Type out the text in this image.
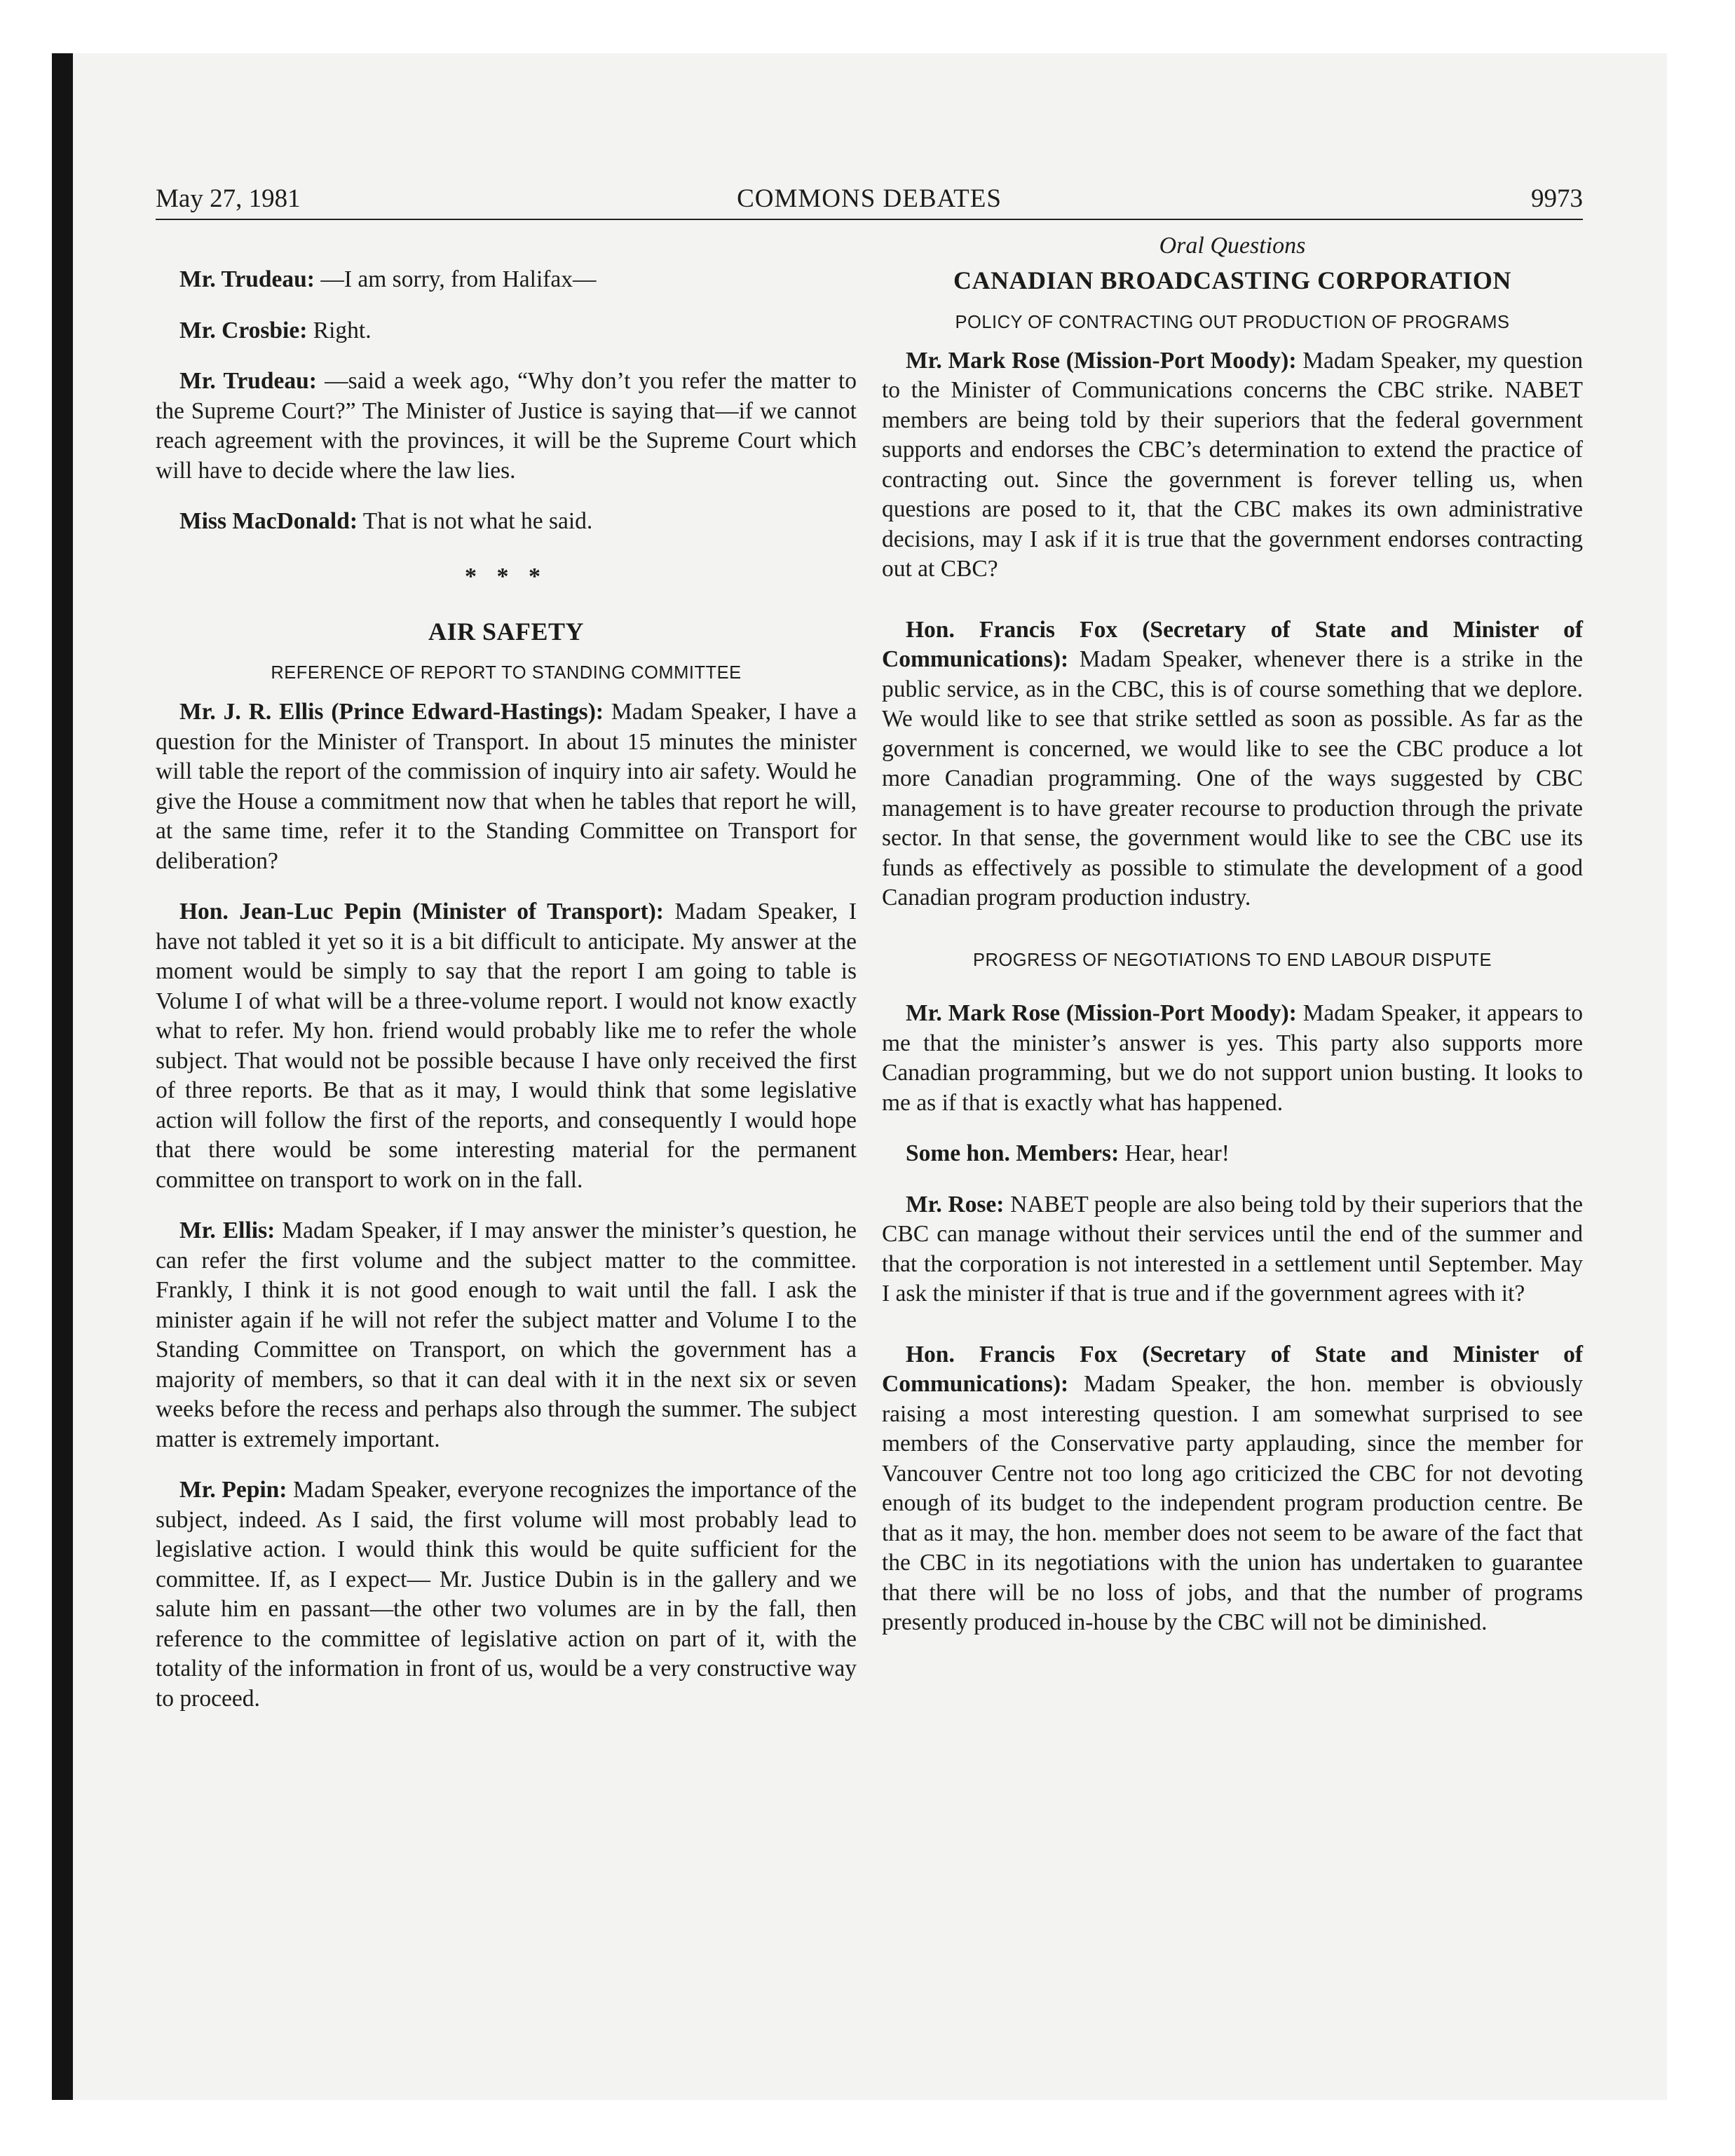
May 27, 1981	COMMONS DEBATES	9973

Mr. Trudeau: —I am sorry, from Halifax—

Mr. Crosbie: Right.

Mr. Trudeau: —said a week ago, “Why don’t you refer the matter to the Supreme Court?” The Minister of Justice is saying that—if we cannot reach agreement with the provinces, it will be the Supreme Court which will have to decide where the law lies.

Miss MacDonald: That is not what he said.

* * *

AIR SAFETY

REFERENCE OF REPORT TO STANDING COMMITTEE

Mr. J. R. Ellis (Prince Edward-Hastings): Madam Speaker, I have a question for the Minister of Transport. In about 15 minutes the minister will table the report of the commission of inquiry into air safety. Would he give the House a commitment now that when he tables that report he will, at the same time, refer it to the Standing Committee on Transport for deliberation?

Hon. Jean-Luc Pepin (Minister of Transport): Madam Speaker, I have not tabled it yet so it is a bit difficult to anticipate. My answer at the moment would be simply to say that the report I am going to table is Volume I of what will be a three-volume report. I would not know exactly what to refer. My hon. friend would probably like me to refer the whole subject. That would not be possible because I have only received the first of three reports. Be that as it may, I would think that some legislative action will follow the first of the reports, and consequently I would hope that there would be some interesting material for the permanent committee on transport to work on in the fall.

Mr. Ellis: Madam Speaker, if I may answer the minister’s question, he can refer the first volume and the subject matter to the committee. Frankly, I think it is not good enough to wait until the fall. I ask the minister again if he will not refer the subject matter and Volume I to the Standing Committee on Transport, on which the government has a majority of members, so that it can deal with it in the next six or seven weeks before the recess and perhaps also through the summer. The subject matter is extremely important.

Mr. Pepin: Madam Speaker, everyone recognizes the importance of the subject, indeed. As I said, the first volume will most probably lead to legislative action. I would think this would be quite sufficient for the committee. If, as I expect— Mr. Justice Dubin is in the gallery and we salute him en passant—the other two volumes are in by the fall, then reference to the committee of legislative action on part of it, with the totality of the information in front of us, would be a very constructive way to proceed.

Oral Questions

CANADIAN BROADCASTING CORPORATION

POLICY OF CONTRACTING OUT PRODUCTION OF PROGRAMS

Mr. Mark Rose (Mission-Port Moody): Madam Speaker, my question to the Minister of Communications concerns the CBC strike. NABET members are being told by their superiors that the federal government supports and endorses the CBC’s determination to extend the practice of contracting out. Since the government is forever telling us, when questions are posed to it, that the CBC makes its own administrative decisions, may I ask if it is true that the government endorses contracting out at CBC?

Hon. Francis Fox (Secretary of State and Minister of Communications): Madam Speaker, whenever there is a strike in the public service, as in the CBC, this is of course something that we deplore. We would like to see that strike settled as soon as possible. As far as the government is concerned, we would like to see the CBC produce a lot more Canadian programming. One of the ways suggested by CBC management is to have greater recourse to production through the private sector. In that sense, the government would like to see the CBC use its funds as effectively as possible to stimulate the development of a good Canadian program production industry.

PROGRESS OF NEGOTIATIONS TO END LABOUR DISPUTE

Mr. Mark Rose (Mission-Port Moody): Madam Speaker, it appears to me that the minister’s answer is yes. This party also supports more Canadian programming, but we do not support union busting. It looks to me as if that is exactly what has happened.

Some hon. Members: Hear, hear!

Mr. Rose: NABET people are also being told by their superiors that the CBC can manage without their services until the end of the summer and that the corporation is not interested in a settlement until September. May I ask the minister if that is true and if the government agrees with it?

Hon. Francis Fox (Secretary of State and Minister of Communications): Madam Speaker, the hon. member is obviously raising a most interesting question. I am somewhat surprised to see members of the Conservative party applauding, since the member for Vancouver Centre not too long ago criticized the CBC for not devoting enough of its budget to the independent program production centre. Be that as it may, the hon. member does not seem to be aware of the fact that the CBC in its negotiations with the union has undertaken to guarantee that there will be no loss of jobs, and that the number of programs presently produced in-house by the CBC will not be diminished.
